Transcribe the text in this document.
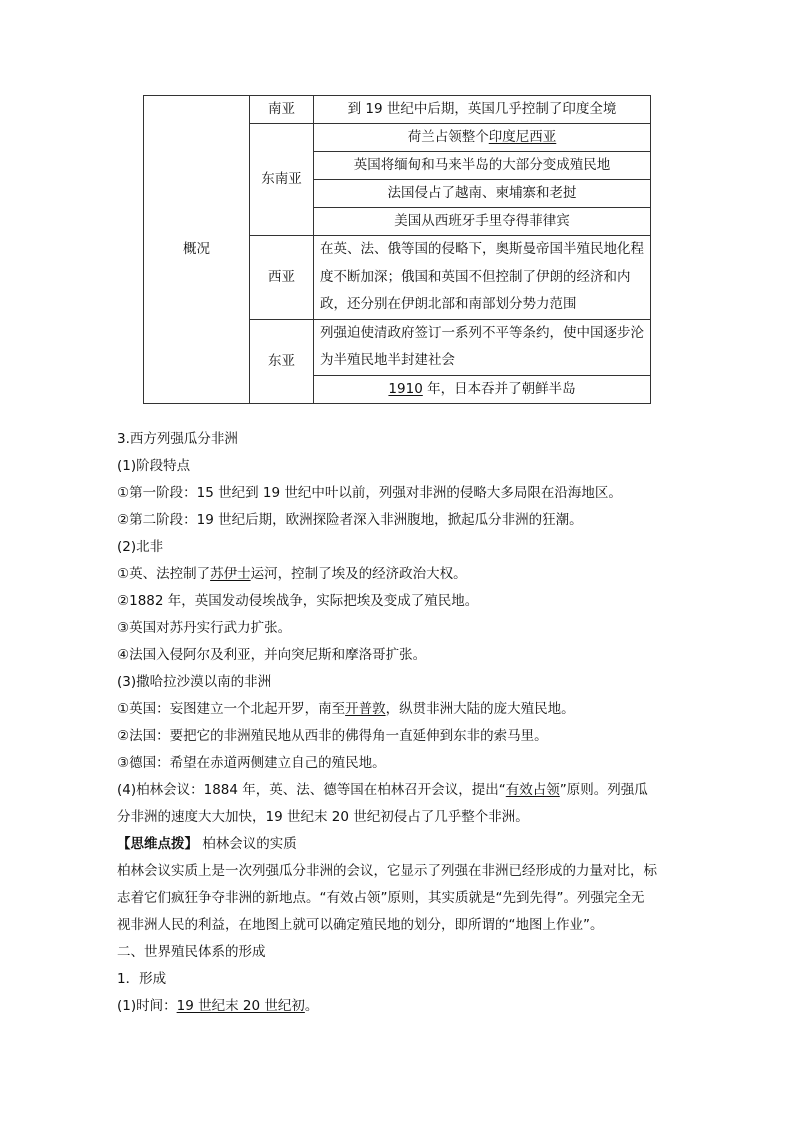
概况	南亚	到 19 世纪中后期，英国几乎控制了印度全境
	东南亚	荷兰占领整个印度尼西亚
		英国将缅甸和马来半岛的大部分变成殖民地
		法国侵占了越南、柬埔寨和老挝
		美国从西班牙手里夺得菲律宾
	西亚	在英、法、俄等国的侵略下，奥斯曼帝国半殖民地化程度不断加深；俄国和英国不但控制了伊朗的经济和内政，还分别在伊朗北部和南部划分势力范围
	东亚	列强迫使清政府签订一系列不平等条约，使中国逐步沦为半殖民地半封建社会
		1910 年，日本吞并了朝鲜半岛

3.西方列强瓜分非洲

(1)阶段特点

①第一阶段：15 世纪到 19 世纪中叶以前，列强对非洲的侵略大多局限在沿海地区。

②第二阶段：19 世纪后期，欧洲探险者深入非洲腹地，掀起瓜分非洲的狂潮。

(2)北非

①英、法控制了苏伊士运河，控制了埃及的经济政治大权。

②1882 年，英国发动侵埃战争，实际把埃及变成了殖民地。

③英国对苏丹实行武力扩张。

④法国入侵阿尔及利亚，并向突尼斯和摩洛哥扩张。

(3)撒哈拉沙漠以南的非洲

①英国：妄图建立一个北起开罗，南至开普敦，纵贯非洲大陆的庞大殖民地。

②法国：要把它的非洲殖民地从西非的佛得角一直延伸到东非的索马里。

③德国：希望在赤道两侧建立自己的殖民地。

(4)柏林会议：1884 年，英、法、德等国在柏林召开会议，提出“有效占领”原则。列强瓜

分非洲的速度大大加快，19 世纪末 20 世纪初侵占了几乎整个非洲。

【思维点拨】 柏林会议的实质

柏林会议实质上是一次列强瓜分非洲的会议，它显示了列强在非洲已经形成的力量对比，标

志着它们疯狂争夺非洲的新地点。“有效占领”原则，其实质就是“先到先得”。列强完全无

视非洲人民的利益，在地图上就可以确定殖民地的划分，即所谓的“地图上作业”。

二、世界殖民体系的形成

1．形成

(1)时间：19 世纪末 20 世纪初。
